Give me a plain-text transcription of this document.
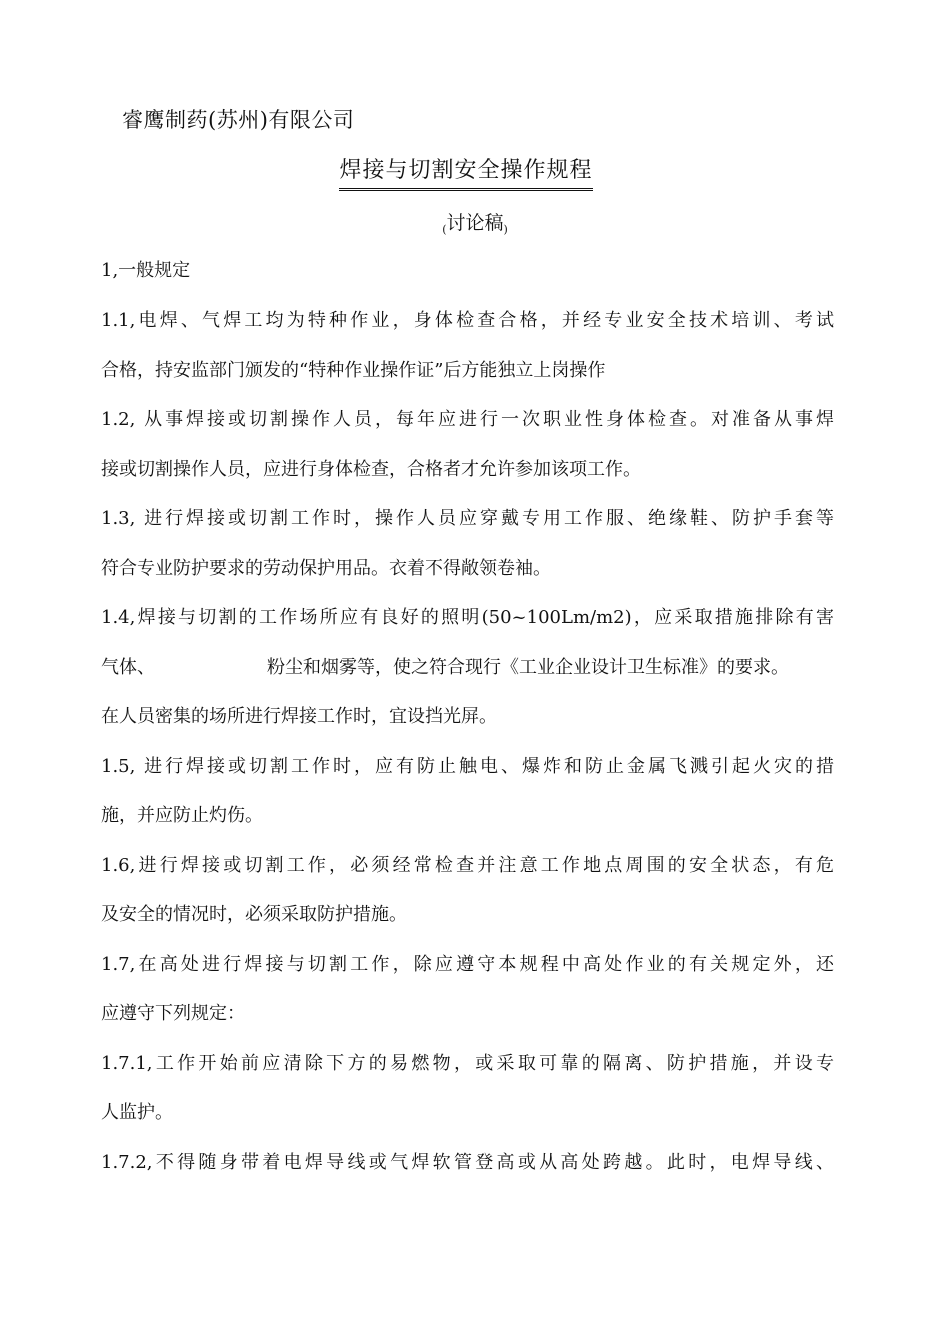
睿鹰制药(苏州)有限公司
焊接与切割安全操作规程
$_($讨论稿$_)$
1,一般规定

1.1,电焊、气焊工均为特种作业，身体检查合格，并经专业安全技术培训、考试
合格，持安监部门颁发的“特种作业操作证”后方能独立上岗操作

1.2, 从事焊接或切割操作人员，每年应进行一次职业性身体检查。对准备从事焊
接或切割操作人员，应进行身体检查，合格者才允许参加该项工作。

1.3, 进行焊接或切割工作时，操作人员应穿戴专用工作服、绝缘鞋、防护手套等
符合专业防护要求的劳动保护用品。衣着不得敞领卷袖。

1.4,焊接与切割的工作场所应有良好的照明(50~100Lm/m2)，应采取措施排除有害
气体、	粉尘和烟雾等，使之符合现行《工业企业设计卫生标准》的要求。
在人员密集的场所进行焊接工作时，宜设挡光屏。

1.5, 进行焊接或切割工作时，应有防止触电、爆炸和防止金属飞溅引起火灾的措
施，并应防止灼伤。

1.6,进行焊接或切割工作，必须经常检查并注意工作地点周围的安全状态，有危
及安全的情况时，必须采取防护措施。

1.7,在高处进行焊接与切割工作，除应遵守本规程中高处作业的有关规定外，还
应遵守下列规定：

1.7.1,工作开始前应清除下方的易燃物，或采取可靠的隔离、防护措施，并设专
人监护。

1.7.2,不得随身带着电焊导线或气焊软管登高或从高处跨越。此时，电焊导线、
